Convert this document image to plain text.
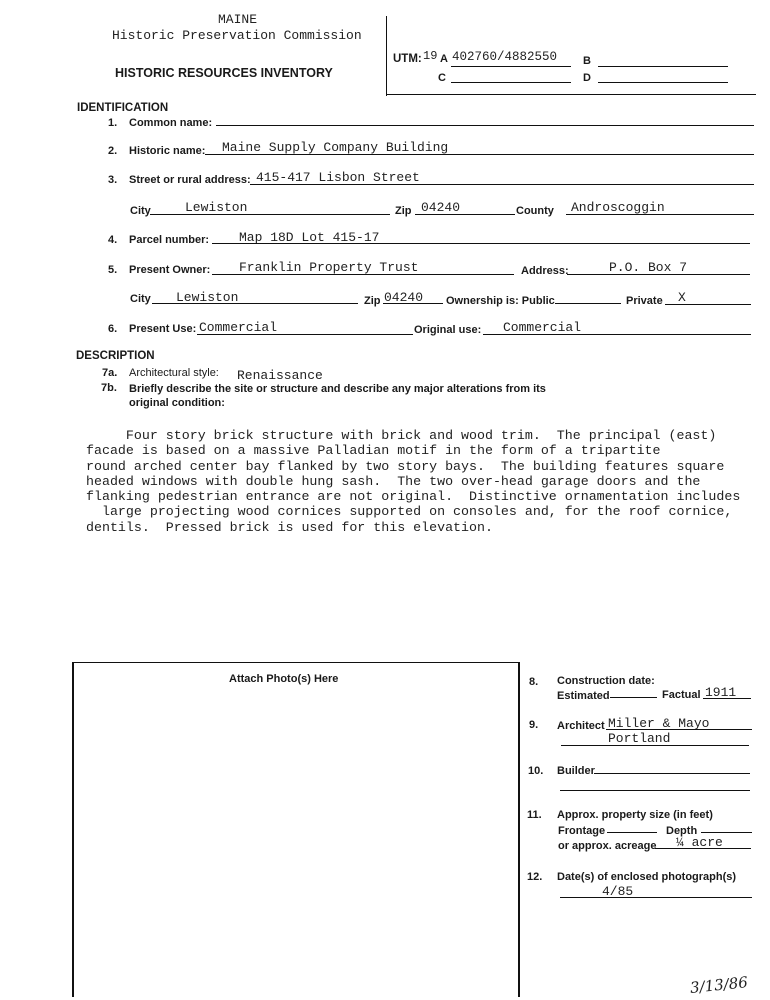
MAINE
Historic Preservation Commission
HISTORIC RESOURCES INVENTORY
UTM: 19 A 402760/4882550 B
C	D
IDENTIFICATION
1. Common name:
2. Historic name: Maine Supply Company Building
3. Street or rural address: 415-417 Lisbon Street
City	Lewiston	Zip 04240	County Androscoggin
4. Parcel number: Map 18D Lot 415-17
5. Present Owner: Franklin Property Trust	Address:	P.O. Box 7
City Lewiston	Zip 04240 Ownership is: Public	Private X
6. Present Use: Commercial	Original use: Commercial
DESCRIPTION
7a. Architectural style: Renaissance
7b. Briefly describe the site or structure and describe any major alterations from its
original condition:
Four story brick structure with brick and wood trim.  The principal (east)
facade is based on a massive Palladian motif in the form of a tripartite
round arched center bay flanked by two story bays.  The building features square
headed windows with double hung sash.  The two over-head garage doors and the
flanking pedestrian entrance are not original.  Distinctive ornamentation includes
large projecting wood cornices supported on consoles and, for the roof cornice,
dentils.  Pressed brick is used for this elevation.
Attach Photo(s) Here	8. Construction date:
Estimated	Factual 1911
9. Architect Miller & Mayo
Portland
10. Builder
11. Approx. property size (in feet)
Frontage	Depth
or approx. acreage ¼ acre
12. Date(s) of enclosed photograph(s)
4/85
3/13/86
